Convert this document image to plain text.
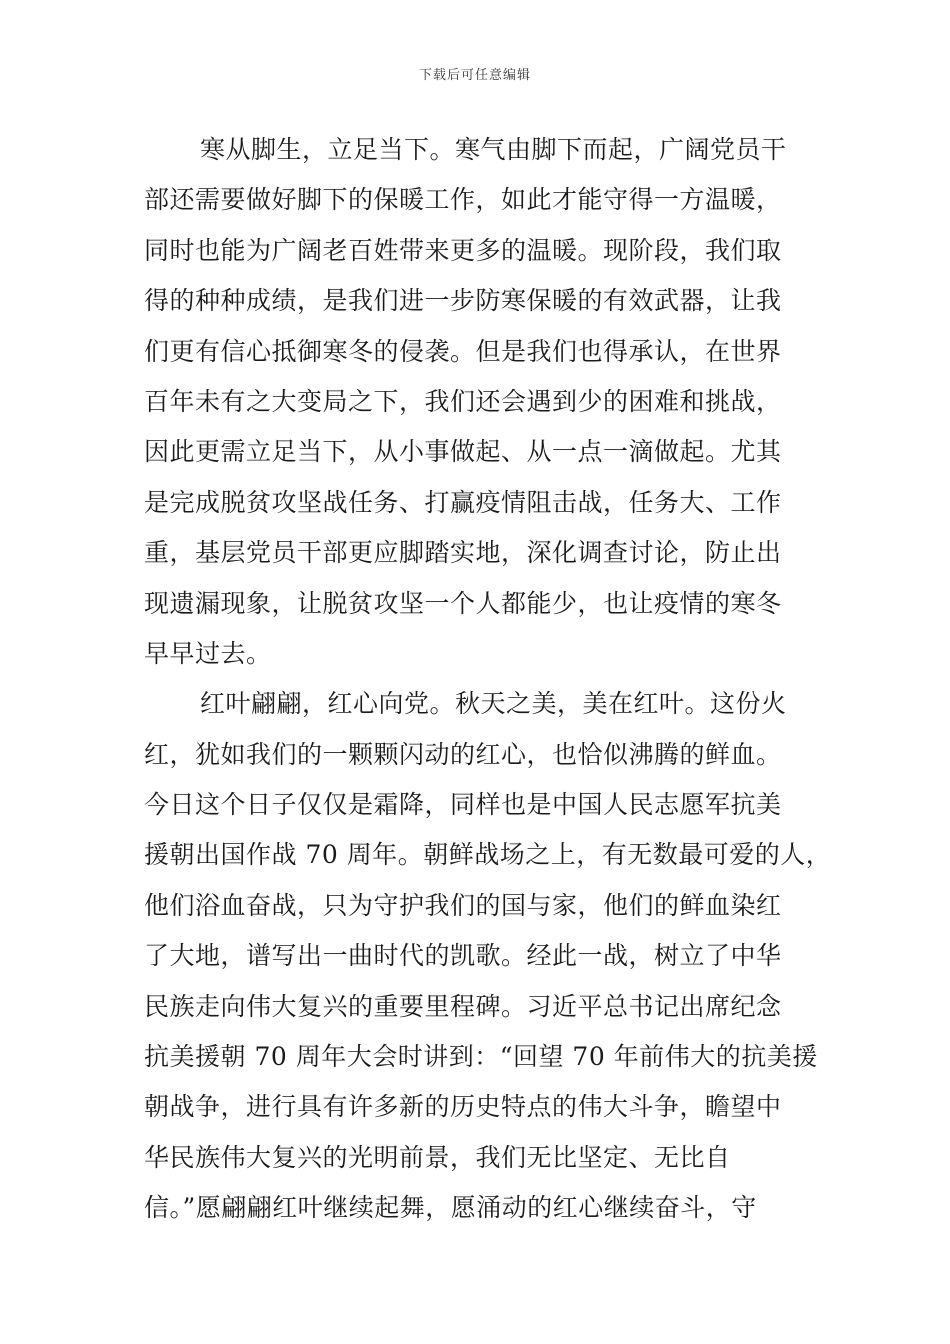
下载后可任意编辑
寒从脚生，立足当下。寒气由脚下而起，广阔党员干
部还需要做好脚下的保暖工作，如此才能守得一方温暖，
同时也能为广阔老百姓带来更多的温暖。现阶段，我们取
得的种种成绩，是我们进一步防寒保暖的有效武器，让我
们更有信心抵御寒冬的侵袭。但是我们也得承认，在世界
百年未有之大变局之下，我们还会遇到少的困难和挑战，
因此更需立足当下，从小事做起、从一点一滴做起。尤其
是完成脱贫攻坚战任务、打赢疫情阻击战，任务大、工作
重，基层党员干部更应脚踏实地，深化调查讨论，防止出
现遗漏现象，让脱贫攻坚一个人都能少，也让疫情的寒冬
早早过去。
红叶翩翩，红心向党。秋天之美，美在红叶。这份火
红，犹如我们的一颗颗闪动的红心，也恰似沸腾的鲜血。
今日这个日子仅仅是霜降，同样也是中国人民志愿军抗美
援朝出国作战 70 周年。朝鲜战场之上，有无数最可爱的人，
他们浴血奋战，只为守护我们的国与家，他们的鲜血染红
了大地，谱写出一曲时代的凯歌。经此一战，树立了中华
民族走向伟大复兴的重要里程碑。习近平总书记出席纪念
抗美援朝 70 周年大会时讲到：“回望 70 年前伟大的抗美援
朝战争，进行具有许多新的历史特点的伟大斗争，瞻望中
华民族伟大复兴的光明前景，我们无比坚定、无比自
信。”愿翩翩红叶继续起舞，愿涌动的红心继续奋斗，守
